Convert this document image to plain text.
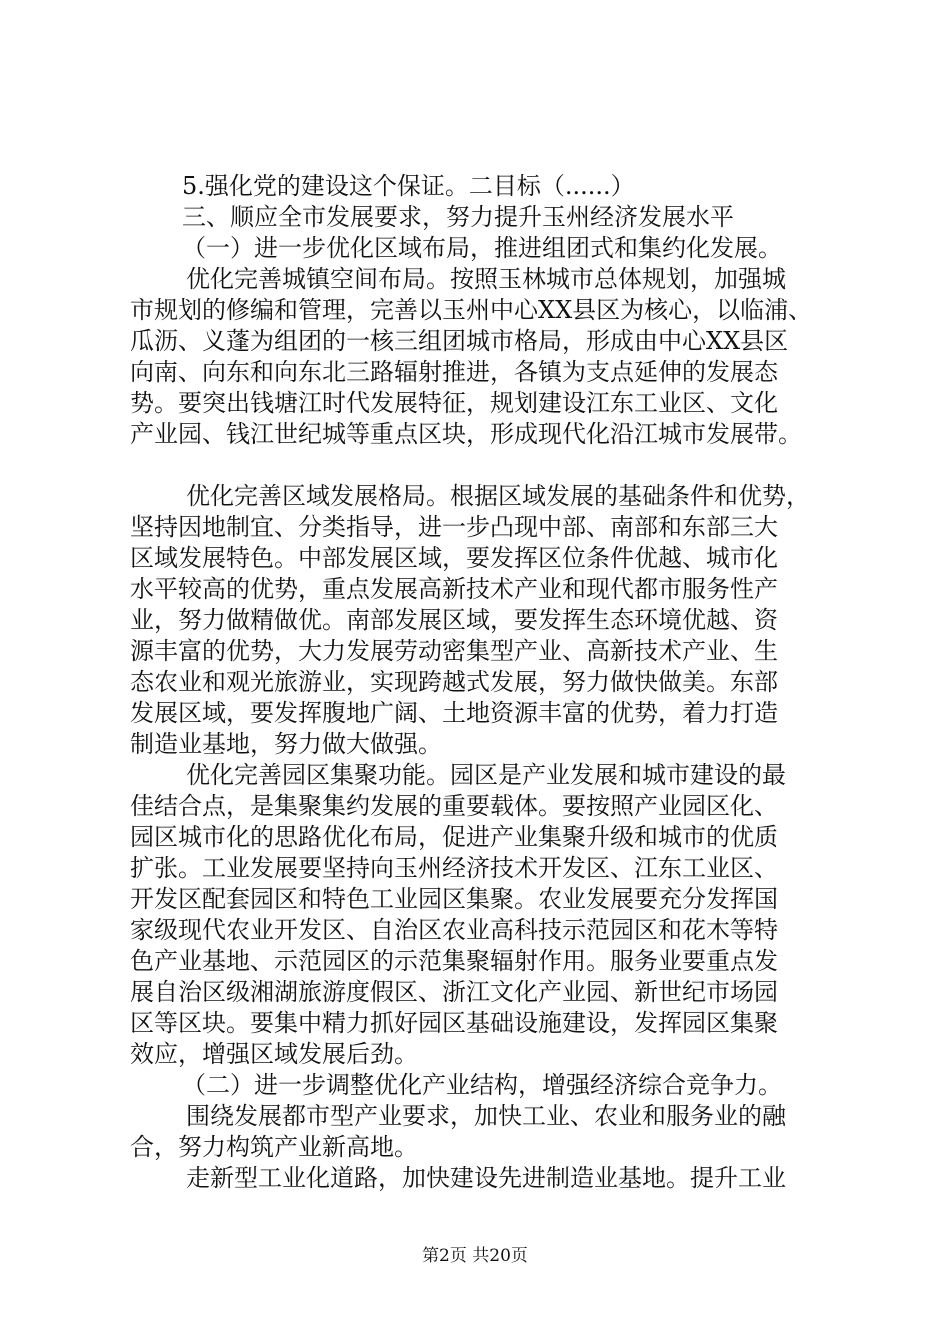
5.强化党的建设这个保证。二目标（......）
三、顺应全市发展要求，努力提升玉州经济发展水平
（一）进一步优化区域布局，推进组团式和集约化发展。
优化完善城镇空间布局。按照玉林城市总体规划，加强城
市规划的修编和管理，完善以玉州中心XX县区为核心，以临浦、
瓜沥、义蓬为组团的一核三组团城市格局，形成由中心XX县区
向南、向东和向东北三路辐射推进，各镇为支点延伸的发展态
势。要突出钱塘江时代发展特征，规划建设江东工业区、文化
产业园、钱江世纪城等重点区块，形成现代化沿江城市发展带。
优化完善区域发展格局。根据区域发展的基础条件和优势，
坚持因地制宜、分类指导，进一步凸现中部、南部和东部三大
区域发展特色。中部发展区域，要发挥区位条件优越、城市化
水平较高的优势，重点发展高新技术产业和现代都市服务性产
业，努力做精做优。南部发展区域，要发挥生态环境优越、资
源丰富的优势，大力发展劳动密集型产业、高新技术产业、生
态农业和观光旅游业，实现跨越式发展，努力做快做美。东部
发展区域，要发挥腹地广阔、土地资源丰富的优势，着力打造
制造业基地，努力做大做强。
优化完善园区集聚功能。园区是产业发展和城市建设的最
佳结合点，是集聚集约发展的重要载体。要按照产业园区化、
园区城市化的思路优化布局，促进产业集聚升级和城市的优质
扩张。工业发展要坚持向玉州经济技术开发区、江东工业区、
开发区配套园区和特色工业园区集聚。农业发展要充分发挥国
家级现代农业开发区、自治区农业高科技示范园区和花木等特
色产业基地、示范园区的示范集聚辐射作用。服务业要重点发
展自治区级湘湖旅游度假区、浙江文化产业园、新世纪市场园
区等区块。要集中精力抓好园区基础设施建设，发挥园区集聚
效应，增强区域发展后劲。
（二）进一步调整优化产业结构，增强经济综合竞争力。
围绕发展都市型产业要求，加快工业、农业和服务业的融
合，努力构筑产业新高地。
走新型工业化道路，加快建设先进制造业基地。提升工业
第2页 共20页
